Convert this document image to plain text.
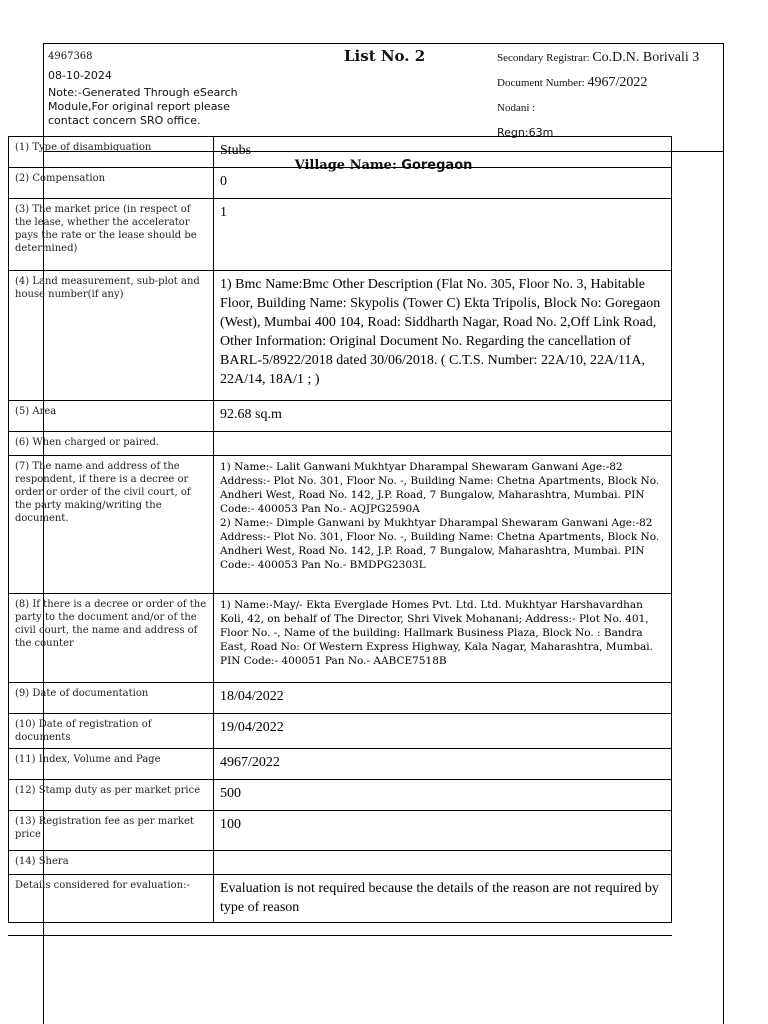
4967368
08-10-2024
Note:-Generated Through eSearch Module,For original report please contact concern SRO office.
List No. 2	Secondary Registrar: Co.D.N. Borivali 3
Document Number: 4967/2022
Nodani :
Regn:63m
Village Name: Goregaon
(1) Type of disambiguation	Stubs
(2) Compensation	0
(3) The market price (in respect of the lease, whether the accelerator pays the rate or the lease should be determined)	1
(4) Land measurement, sub-plot and house number(if any)	1) Bmc Name:Bmc Other Description (Flat No. 305, Floor No. 3, Habitable Floor, Building Name: Skypolis (Tower C) Ekta Tripolis, Block No: Goregaon (West), Mumbai 400 104, Road: Siddharth Nagar, Road No. 2,Off Link Road, Other Information: Original Document No. Regarding the cancellation of BARL-5/8922/2018 dated 30/06/2018. ( C.T.S. Number: 22A/10, 22A/11A, 22A/14, 18A/1 ; )
(5) Area	92.68 sq.m
(6) When charged or paired.	
(7) The name and address of the respondent, if there is a decree or order or order of the civil court, of the party making/writing the document.	1) Name:- Lalit Ganwani Mukhtyar Dharampal Shewaram Ganwani Age:-82 Address:- Plot No. 301, Floor No. -, Building Name: Chetna Apartments, Block No. Andheri West, Road No. 142, J.P. Road, 7 Bungalow, Maharashtra, Mumbai. PIN Code:- 400053 Pan No.- AQJPG2590A
2) Name:- Dimple Ganwani by Mukhtyar Dharampal Shewaram Ganwani Age:-82 Address:- Plot No. 301, Floor No. -, Building Name: Chetna Apartments, Block No. Andheri West, Road No. 142, J.P. Road, 7 Bungalow, Maharashtra, Mumbai. PIN Code:- 400053 Pan No.- BMDPG2303L
(8) If there is a decree or order of the party to the document and/or of the civil court, the name and address of the counter	1) Name:-May/- Ekta Everglade Homes Pvt. Ltd. Ltd. Mukhtyar Harshavardhan Koli, 42, on behalf of The Director, Shri Vivek Mohanani; Address:- Plot No. 401, Floor No. -, Name of the building: Hallmark Business Plaza, Block No. : Bandra East, Road No: Of Western Express Highway, Kala Nagar, Maharashtra, Mumbai. PIN Code:- 400051 Pan No.- AABCE7518B
(9) Date of documentation	18/04/2022
(10) Date of registration of documents	19/04/2022
(11) Index, Volume and Page	4967/2022
(12) Stamp duty as per market price	500
(13) Registration fee as per market price	100
(14) Shera	
Details considered for evaluation:-	Evaluation is not required because the details of the reason are not required by type of reason
